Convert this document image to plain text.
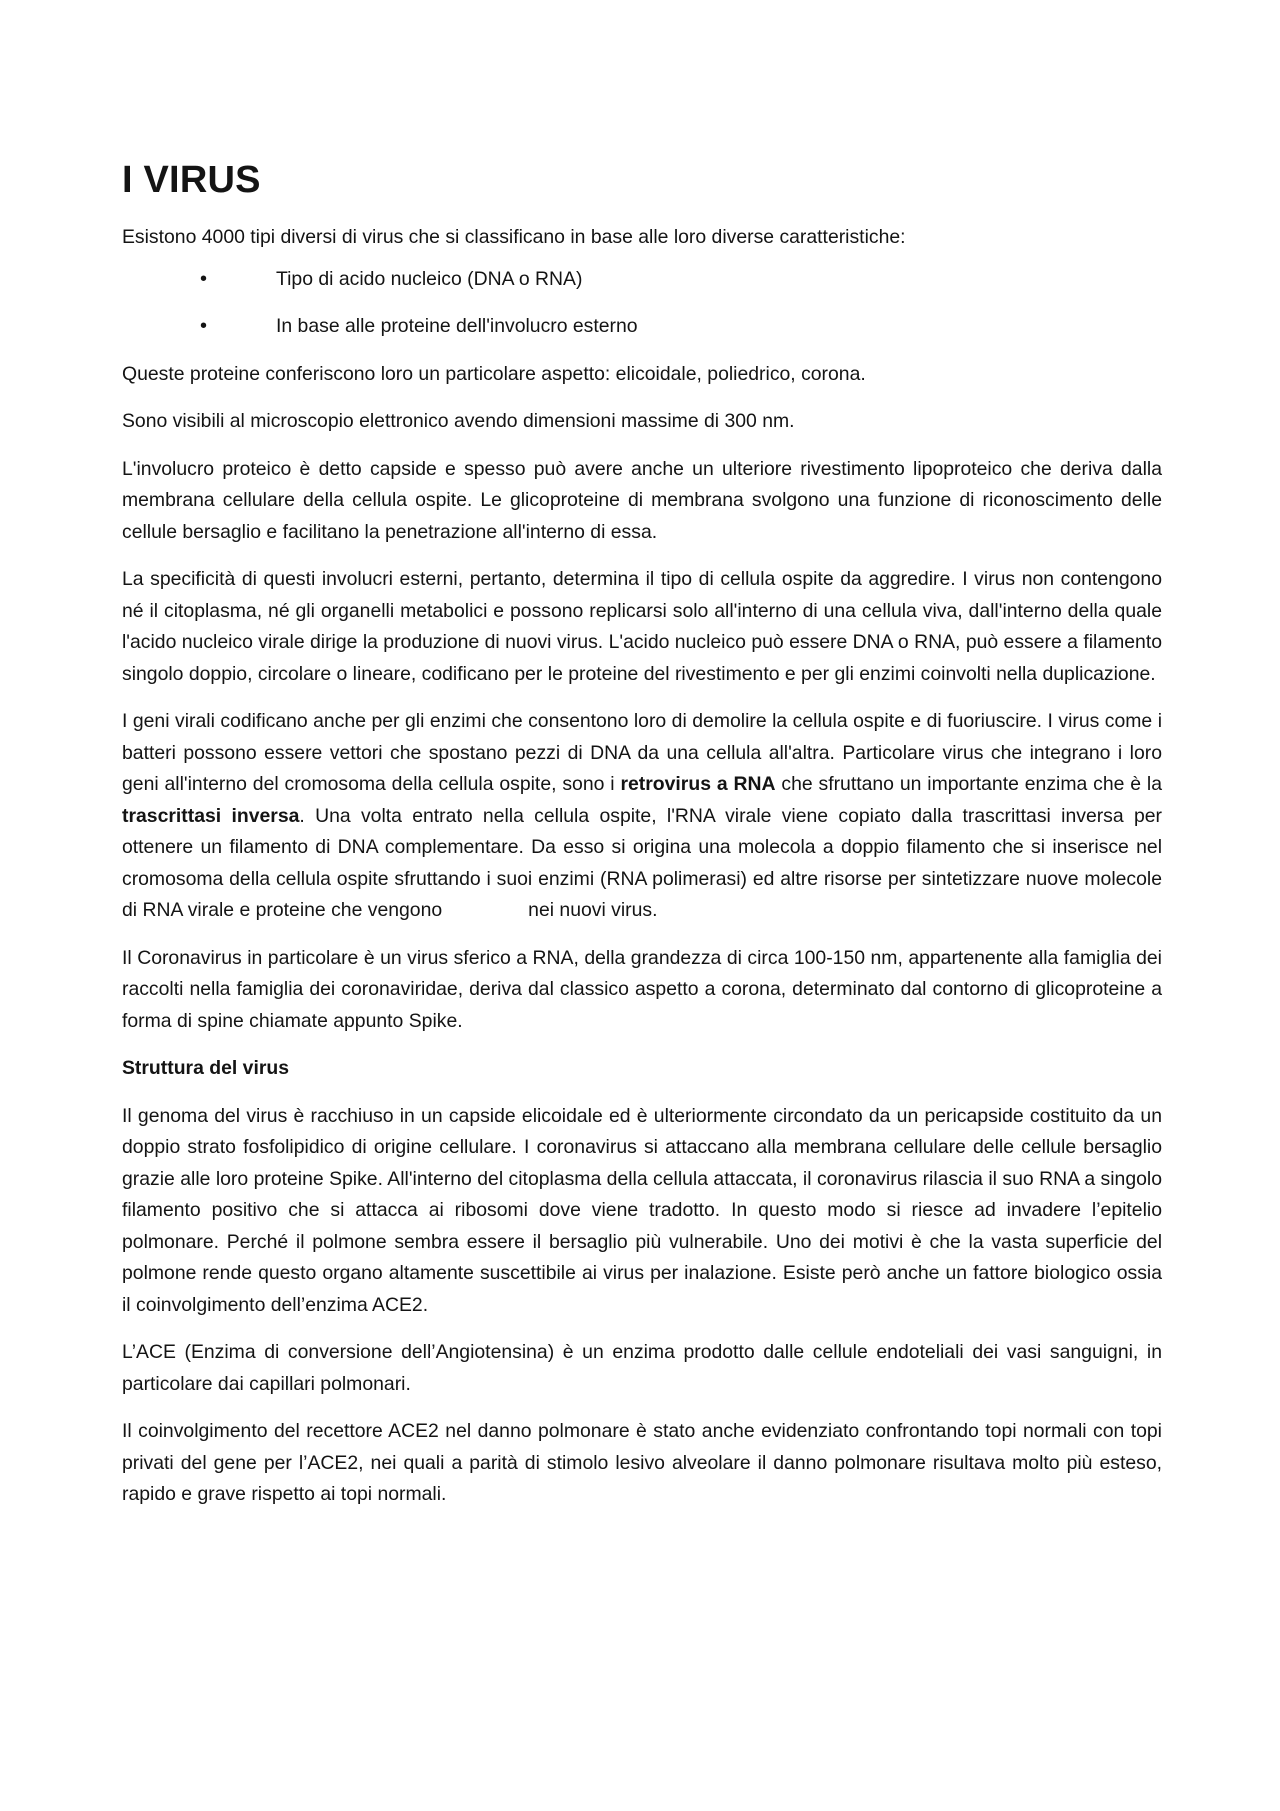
I VIRUS

Esistono 4000 tipi diversi di virus che si classificano in base alle loro diverse caratteristiche:

•	Tipo di acido nucleico (DNA o RNA)
•	In base alle proteine dell'involucro esterno

Queste proteine conferiscono loro un particolare aspetto: elicoidale, poliedrico, corona.

Sono visibili al microscopio elettronico avendo dimensioni massime di 300 nm.

L'involucro proteico è detto capside e spesso può avere anche un ulteriore rivestimento lipoproteico che deriva dalla membrana cellulare della cellula ospite. Le glicoproteine di membrana svolgono una funzione di riconoscimento delle cellule bersaglio e facilitano la penetrazione all'interno di essa.

La specificità di questi involucri esterni, pertanto, determina il tipo di cellula ospite da aggredire. I virus non contengono né il citoplasma, né gli organelli metabolici e possono replicarsi solo all'interno di una cellula viva, dall'interno della quale l'acido nucleico virale dirige la produzione di nuovi virus. L'acido nucleico può essere DNA o RNA, può essere a filamento singolo doppio, circolare o lineare, codificano per le proteine del rivestimento e per gli enzimi coinvolti nella duplicazione.

I geni virali codificano anche per gli enzimi che consentono loro di demolire la cellula ospite e di fuoriuscire. I virus come i batteri possono essere vettori che spostano pezzi di DNA da una cellula all'altra. Particolare virus che integrano i loro geni all'interno del cromosoma della cellula ospite, sono i retrovirus a RNA che sfruttano un importante enzima che è la trascrittasi inversa. Una volta entrato nella cellula ospite, l'RNA virale viene copiato dalla trascrittasi inversa per ottenere un filamento di DNA complementare. Da esso si origina una molecola a doppio filamento che si inserisce nel cromosoma della cellula ospite sfruttando i suoi enzimi (RNA polimerasi) ed altre risorse per sintetizzare nuove molecole di RNA virale e proteine che vengono	nei nuovi virus.

Il Coronavirus in particolare è un virus sferico a RNA, della grandezza di circa 100-150 nm, appartenente alla famiglia dei raccolti nella famiglia dei coronaviridae, deriva dal classico aspetto a corona, determinato dal contorno di glicoproteine a forma di spine chiamate appunto Spike.

Struttura del virus

Il genoma del virus è racchiuso in un capside elicoidale ed è ulteriormente circondato da un pericapside costituito da un doppio strato fosfolipidico di origine cellulare. I coronavirus si attaccano alla membrana cellulare delle cellule bersaglio grazie alle loro proteine Spike. All'interno del citoplasma della cellula attaccata, il coronavirus rilascia il suo RNA a singolo filamento positivo che si attacca ai ribosomi dove viene tradotto. In questo modo si riesce ad invadere l’epitelio polmonare. Perché il polmone sembra essere il bersaglio più vulnerabile. Uno dei motivi è che la vasta superficie del polmone rende questo organo altamente suscettibile ai virus per inalazione. Esiste però anche un fattore biologico ossia il coinvolgimento dell’enzima ACE2.

L’ACE (Enzima di conversione dell’Angiotensina) è un enzima prodotto dalle cellule endoteliali dei vasi sanguigni, in particolare dai capillari polmonari.

Il coinvolgimento del recettore ACE2 nel danno polmonare è stato anche evidenziato confrontando topi normali con topi privati del gene per l’ACE2, nei quali a parità di stimolo lesivo alveolare il danno polmonare risultava molto più esteso, rapido e grave rispetto ai topi normali.
